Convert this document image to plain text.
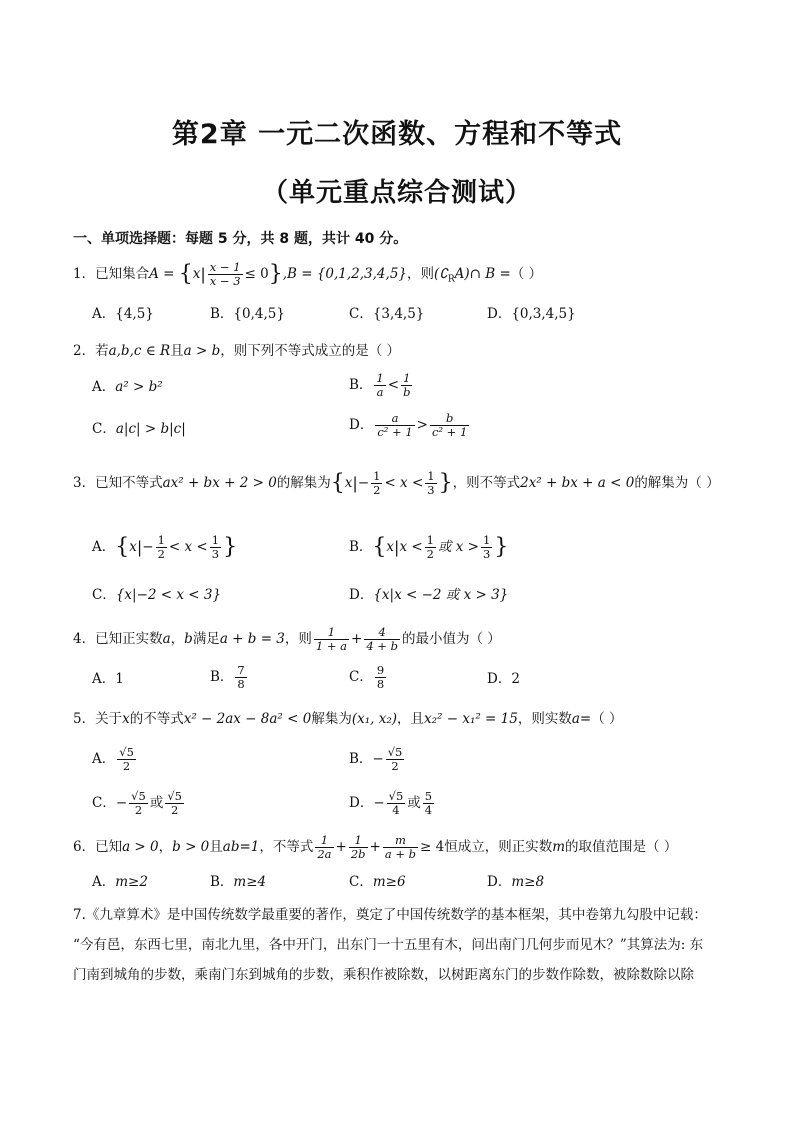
第2章 一元二次函数、方程和不等式
（单元重点综合测试）
一、单项选择题：每题 5 分，共 8 题，共计 40 分。
1．已知集合$A = \{x| \frac{x - 1}{x - 3} \le 0\},B = \{0,1,2,3,4,5\}$，则$(∁_RA)\cap$ B =（ ）
A．{4,5}	B．{0,4,5}	C．{3,4,5}	D．{0,3,4,5}
2．若a,b,c ∈ R且a > b，则下列不等式成立的是（ ）
A．a² > b²	B． $\frac{1}{a} < \frac{1}{b}$
C．a|c| > b|c|	D． $\frac{a}{\text{c² + 1}} > \frac{b}{\text{c² + 1}}$
3．已知不等式ax² + bx + 2 > 0的解集为{$x|- \frac{1}{2} < x < \frac{1}{3}$ }，则不等式2x² + bx + a < 0的解集为（ ）
A．{$x|- \frac{1}{2} < x < \frac{1}{3}$ }	B．{$x|x < \frac{1}{2}$ 或 $x > \frac{1}{3}$ }
C．{x|−2 < x < 3}	D．{x|x < −2 或 x > 3}
4．已知正实数a，b满足a + b = 3，则 $\frac{1}{1 + a} + \frac{4}{4 + b}$ 的最小值为（ ）
A．1	B． $\frac{7}{8}$	C． $\frac{9}{8}$	D．2
5．关于x的不等式x² − 2ax − 8a² < 0解集为(x₁, x₂)，且x₂² − x₁² = 15，则实数a=（ ）
A． $\frac{√5}{2}$	B．− $\frac{√5}{2}$
C．− $\frac{√5}{2}$ 或 $\frac{√5}{2}$	D．− $\frac{√5}{4}$ 或 $\frac{5}{4}$
6．已知a > 0，b > 0且ab=1，不等式 $\frac{1}{2a} + \frac{1}{2b} + \frac{m}{a + b} \ge 4$恒成立，则正实数m的取值范围是（ ）
A．m≥2	B．m≥4	C．m≥6	D．m≥8
7.《九章算术》是中国传统数学最重要的著作，奠定了中国传统数学的基本框架，其中卷第九勾股中记载：
“今有邑，东西七里，南北九里，各中开门，出东门一十五里有木，问出南门几何步而见木？”其算法为: 东
门南到城角的步数，乘南门东到城角的步数，乘积作被除数，以树距离东门的步数作除数，被除数除以除
